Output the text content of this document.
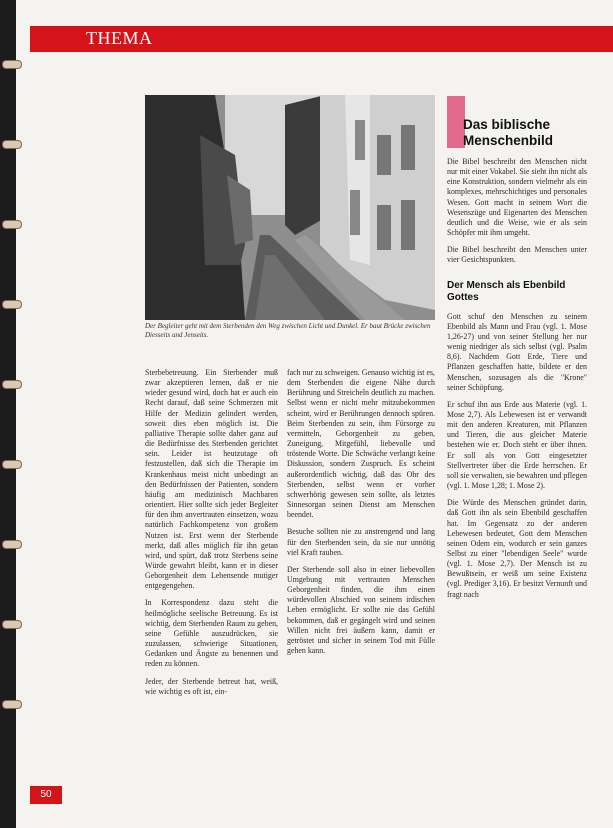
THEMA
Der Begleiter geht mit dem Sterbenden den Weg zwischen Licht und Dunkel. Er baut Brücke zwischen Diesseits und Jenseits.

Sterbebetreuung. Ein Sterbender muß zwar akzeptieren lernen, daß er nie wieder gesund wird, doch hat er auch ein Recht darauf, daß seine Schmerzen mit Hilfe der Medizin gelindert werden, soweit dies eben möglich ist. Die palliative Therapie sollte daher ganz auf die Bedürfnisse des Sterbenden gerichtet sein. Leider ist heutzutage oft festzustellen, daß sich die Therapie im Krankenhaus meist nicht unbedingt an den Bedürfnissen der Patienten, sondern häufig am medizinisch Machbaren orientiert. Hier sollte sich jeder Begleiter für den ihm anvertrauten einsetzen, wozu natürlich Fachkompetenz von großem Nutzen ist. Erst wenn der Sterbende merkt, daß alles möglich für ihn getan wird, und spürt, daß trotz Sterbens seine Würde gewahrt bleibt, kann er in dieser Geborgenheit dem Lebensende mutiger entgegengehen.

In Korrespondenz dazu steht die heilmögliche seelische Betreuung. Es ist wichtig, dem Sterbenden Raum zu geben, seine Gefühle auszudrücken, sie zuzulassen, schwierige Situationen, Gedanken und Ängste zu benennen und reden zu können.

Jeder, der Sterbende betreut hat, weiß, wie wichtig es oft ist, ein-

fach nur zu schweigen. Genauso wichtig ist es, dem Sterbenden die eigene Nähe durch Berührung und Streicheln deutlich zu machen. Selbst wenn er nicht mehr mitzubekommen scheint, wird er Berührungen dennoch spüren. Beim Sterbenden zu sein, ihm Fürsorge zu vermitteln, Geborgenheit zu geben, Zuneigung, Mitgefühl, liebevolle und tröstende Worte. Die Schwäche verlangt keine Diskussion, sondern Zuspruch. Es scheint außerordentlich wichtig, daß das Ohr des Sterbenden, selbst wenn er vorher schwerhörig gewesen sein sollte, als letztes Sinnesorgan seinen Dienst am Menschen beendet.

Besuche sollten nie zu anstrengend und lang für den Sterbenden sein, da sie nur unnötig viel Kraft rauben.

Der Sterbende soll also in einer liebevollen Umgebung mit vertrauten Menschen Geborgenheit finden, die ihm einen würdevollen Abschied von seinem irdischen Leben ermöglicht. Er sollte nie das Gefühl bekommen, daß er gegängelt wird und seinen Willen nicht frei äußern kann, damit er getröstet und sicher in seinem Tod mit Fülle gehen kann.

Das biblische Menschenbild

Die Bibel beschreibt den Menschen nicht nur mit einer Vokabel. Sie sieht ihn nicht als eine Konstruktion, sondern vielmehr als ein komplexes, mehrschichtiges und personales Wesen. Gott macht in seinem Wort die Wesenszüge und Eigenarten des Menschen deutlich und die Weise, wie er als sein Schöpfer mit ihm umgeht.

Die Bibel beschreibt den Menschen unter vier Gesichtspunkten.

Der Mensch als Ebenbild Gottes

Gott schuf den Menschen zu seinem Ebenbild als Mann und Frau (vgl. 1. Mose 1,26-27) und von seiner Stellung her nur wenig niedriger als sich selbst (vgl. Psalm 8,6). Nachdem Gott Erde, Tiere und Pflanzen geschaffen hatte, bildete er den Menschen, sozusagen als die "Krone" seiner Schöpfung.

Er schuf ihn aus Erde aus Materie (vgl. 1. Mose 2,7). Als Lebewesen ist er verwandt mit den anderen Kreaturen, mit Pflanzen und Tieren, die aus gleicher Materie bestehen wie er. Doch steht er über ihnen. Er soll als von Gott eingesetzter Stellvertreter über die Erde herrschen. Er soll sie verwalten, sie bewahren und pflegen (vgl. 1. Mose 1,28; 1. Mose 2).

Die Würde des Menschen gründet darin, daß Gott ihn als sein Ebenbild geschaffen hat. Im Gegensatz zu der anderen Lebewesen bedeutet, Gott dem Menschen seinen Odem ein, wodurch er sein ganzes Selbst zu einer "lebendigen Seele" wurde (vgl. 1. Mose 2,7). Der Mensch ist zu Bewußtsein, er weiß um seine Existenz (vgl. Prediger 3,16). Er besitzt Vernunft und fragt nach

50
